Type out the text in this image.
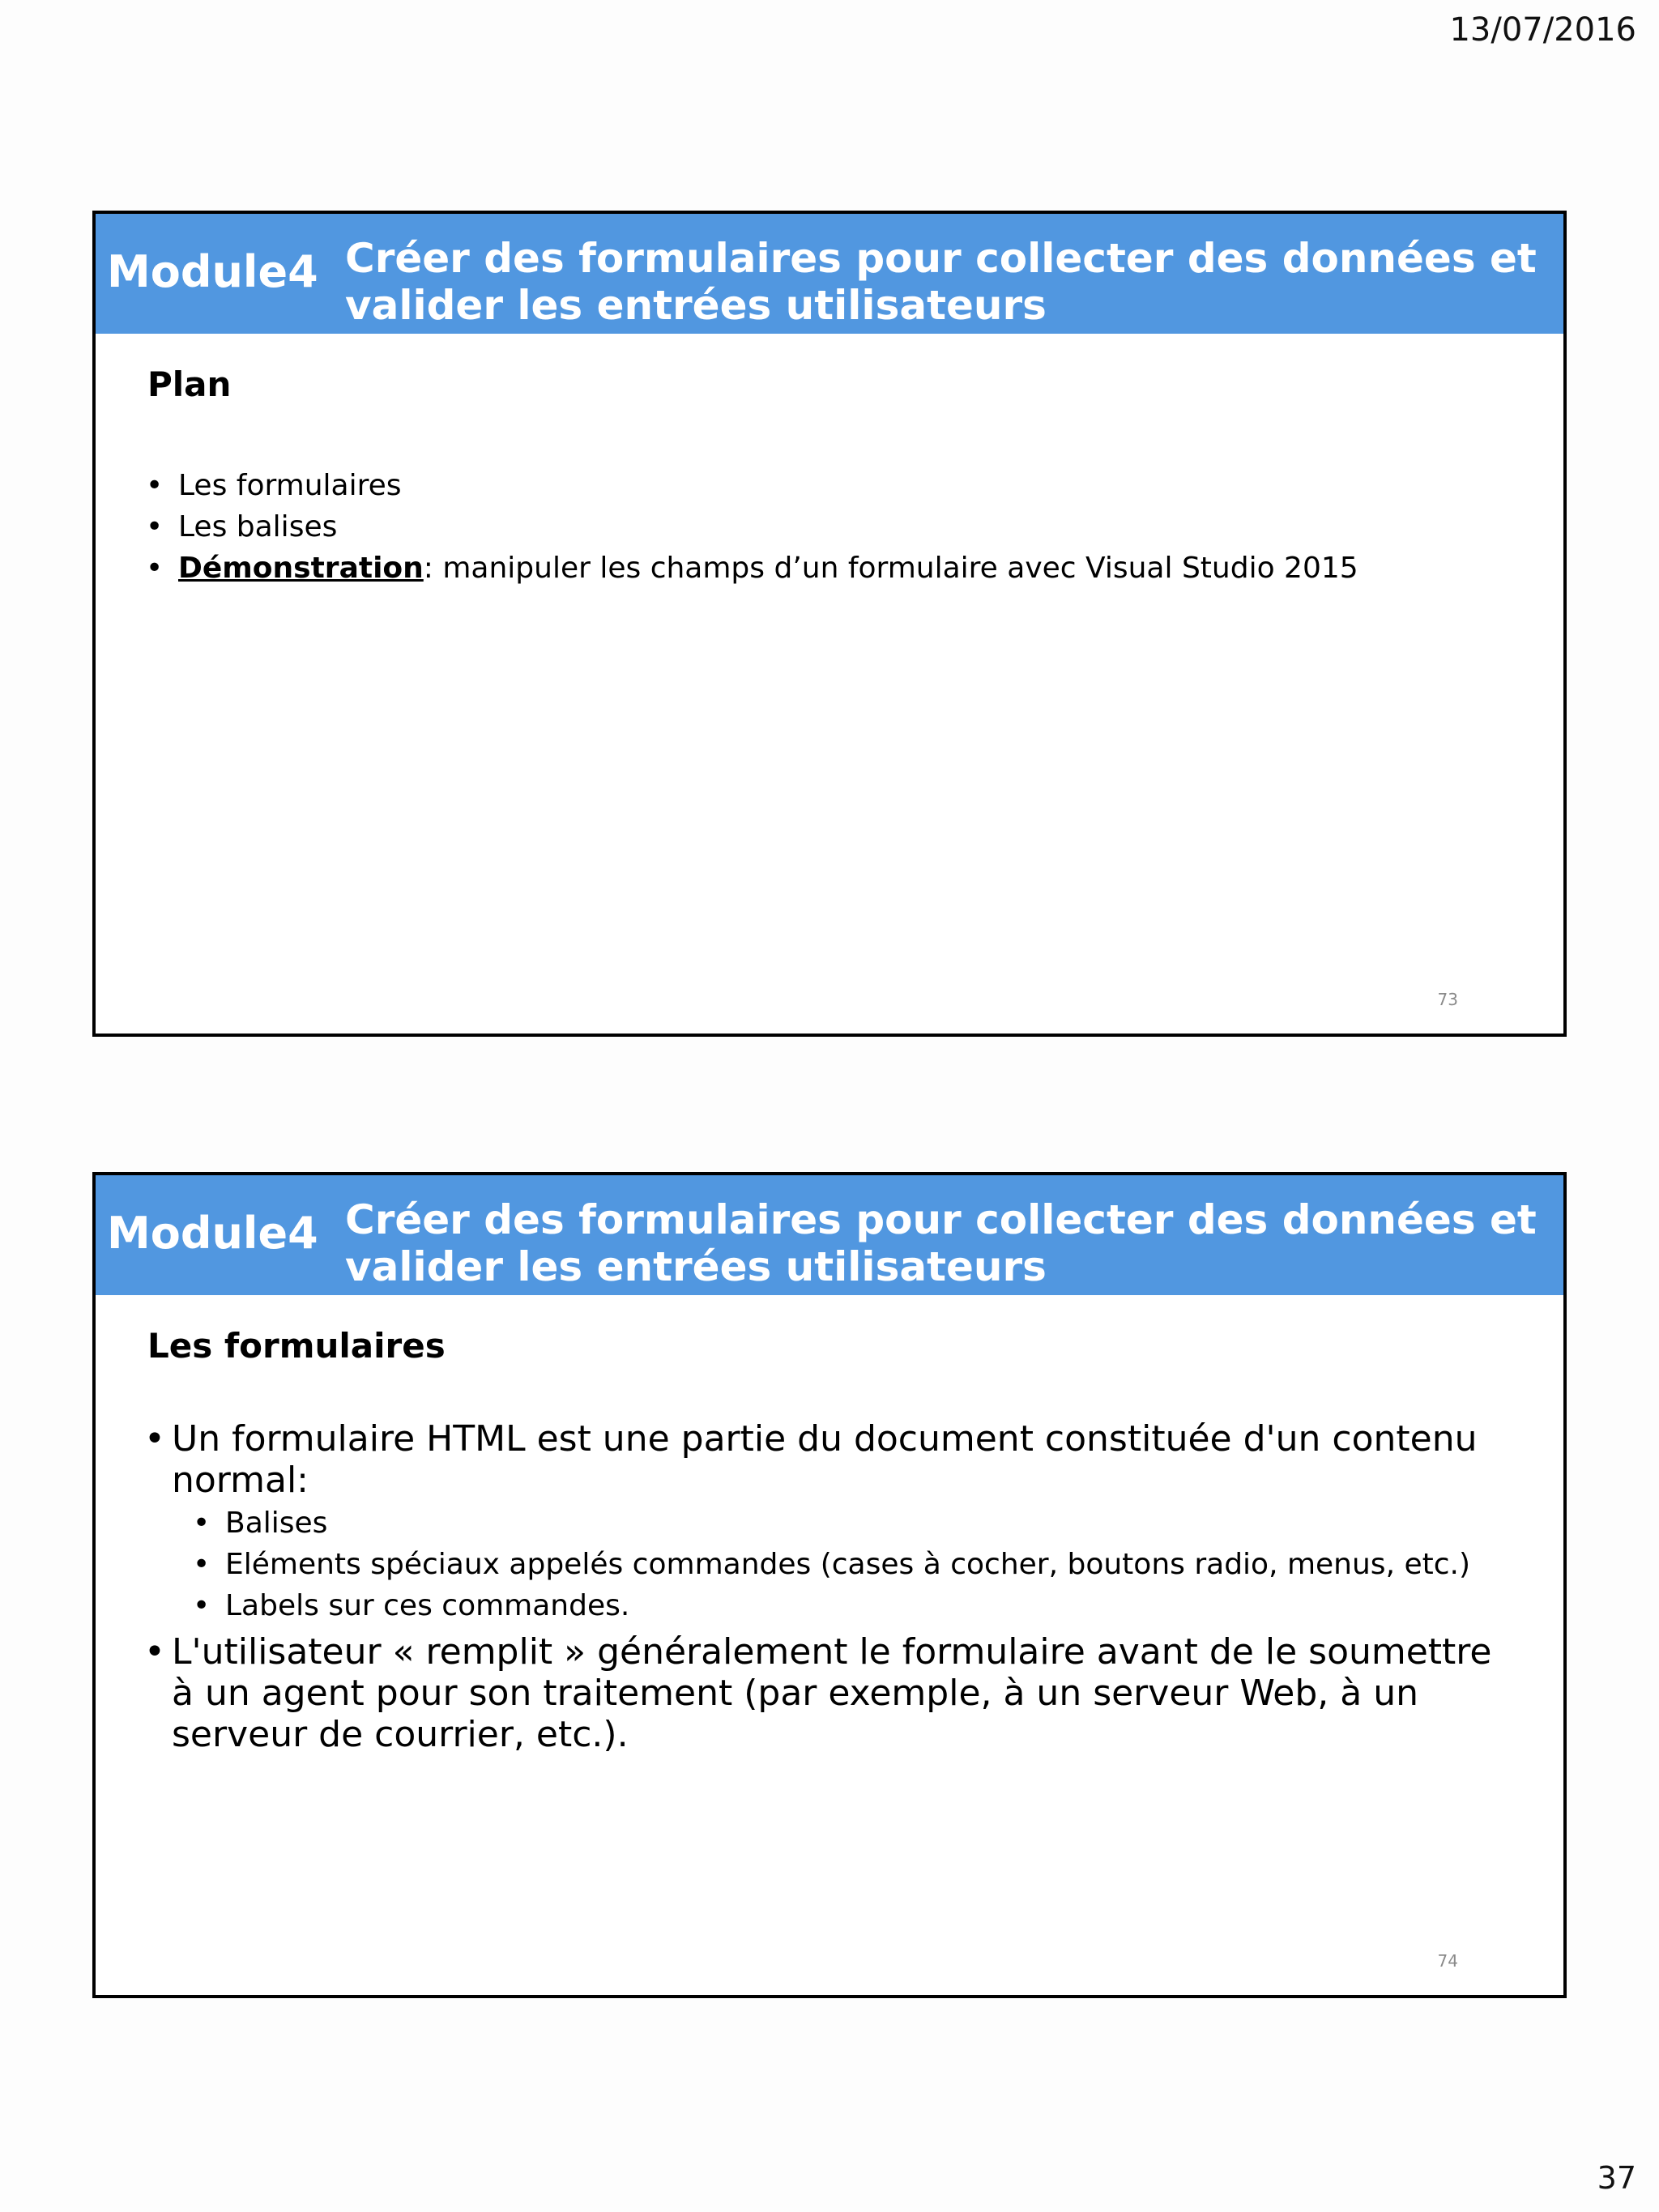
13/07/2016
Module4 Créer des formulaires pour collecter des données et valider les entrées utilisateurs
Plan
• Les formulaires
• Les balises
• Démonstration: manipuler les champs d’un formulaire avec Visual Studio 2015
73
Module4 Créer des formulaires pour collecter des données et valider les entrées utilisateurs
Les formulaires
• Un formulaire HTML est une partie du document constituée d'un contenu normal:
• Balises
• Eléments spéciaux appelés commandes (cases à cocher, boutons radio, menus, etc.)
• Labels sur ces commandes.
• L'utilisateur « remplit » généralement le formulaire avant de le soumettre à un agent pour son traitement (par exemple, à un serveur Web, à un serveur de courrier, etc.).
74
37
